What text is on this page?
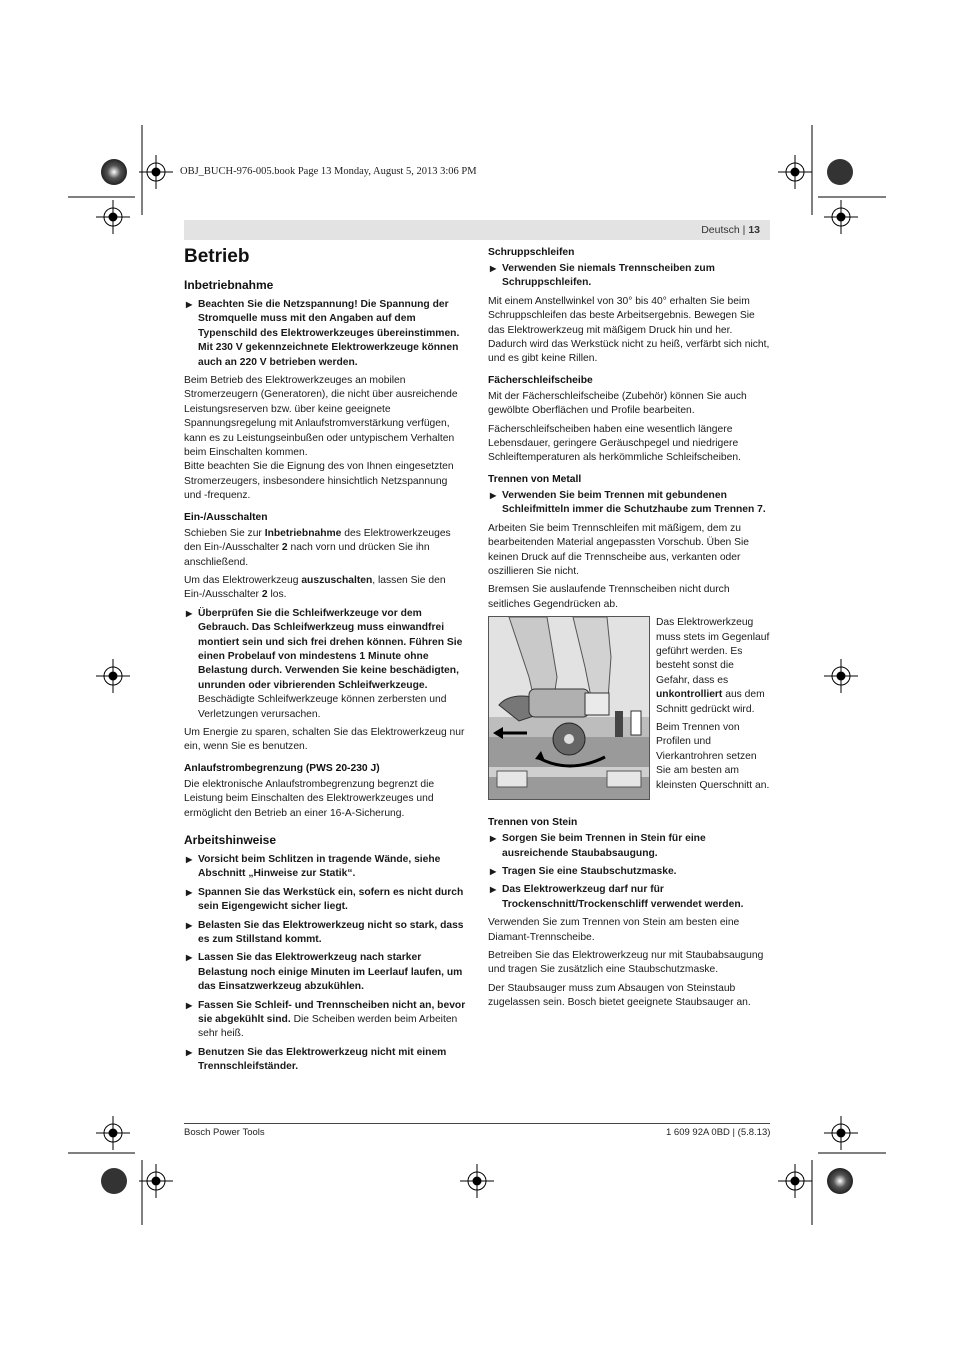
OBJ_BUCH-976-005.book Page 13 Monday, August 5, 2013 3:06 PM
Deutsch | 13
Betrieb
Inbetriebnahme
▶ Beachten Sie die Netzspannung! Die Spannung der Stromquelle muss mit den Angaben auf dem Typenschild des Elektrowerkzeuges übereinstimmen. Mit 230 V gekennzeichnete Elektrowerkzeuge können auch an 220 V betrieben werden.

Beim Betrieb des Elektrowerkzeuges an mobilen Stromerzeugern (Generatoren), die nicht über ausreichende Leistungsreserven bzw. über keine geeignete Spannungsregelung mit Anlaufstromverstärkung verfügen, kann es zu Leistungseinbußen oder untypischem Verhalten beim Einschalten kommen.

Bitte beachten Sie die Eignung des von Ihnen eingesetzten Stromerzeugers, insbesondere hinsichtlich Netzspannung und -frequenz.

Ein-/Ausschalten

Schieben Sie zur Inbetriebnahme des Elektrowerkzeuges den Ein-/Ausschalter 2 nach vorn und drücken Sie ihn anschließend.

Um das Elektrowerkzeug auszuschalten, lassen Sie den Ein-/Ausschalter 2 los.

▶ Überprüfen Sie die Schleifwerkzeuge vor dem Gebrauch. Das Schleifwerkzeug muss einwandfrei montiert sein und sich frei drehen können. Führen Sie einen Probelauf von mindestens 1 Minute ohne Belastung durch. Verwenden Sie keine beschädigten, unrunden oder vibrierenden Schleifwerkzeuge. Beschädigte Schleifwerkzeuge können zerbersten und Verletzungen verursachen.

Um Energie zu sparen, schalten Sie das Elektrowerkzeug nur ein, wenn Sie es benutzen.

Anlaufstrombegrenzung (PWS 20-230 J)

Die elektronische Anlaufstrombegrenzung begrenzt die Leistung beim Einschalten des Elektrowerkzeuges und ermöglicht den Betrieb an einer 16-A-Sicherung.

Arbeitshinweise
▶ Vorsicht beim Schlitzen in tragende Wände, siehe Abschnitt „Hinweise zur Statik“.
▶ Spannen Sie das Werkstück ein, sofern es nicht durch sein Eigengewicht sicher liegt.
▶ Belasten Sie das Elektrowerkzeug nicht so stark, dass es zum Stillstand kommt.
▶ Lassen Sie das Elektrowerkzeug nach starker Belastung noch einige Minuten im Leerlauf laufen, um das Einsatzwerkzeug abzukühlen.
▶ Fassen Sie Schleif- und Trennscheiben nicht an, bevor sie abgekühlt sind. Die Scheiben werden beim Arbeiten sehr heiß.
▶ Benutzen Sie das Elektrowerkzeug nicht mit einem Trennschleifständer.
Schruppschleifen
▶ Verwenden Sie niemals Trennscheiben zum Schruppschleifen.

Mit einem Anstellwinkel von 30° bis 40° erhalten Sie beim Schruppschleifen das beste Arbeitsergebnis. Bewegen Sie das Elektrowerkzeug mit mäßigem Druck hin und her. Dadurch wird das Werkstück nicht zu heiß, verfärbt sich nicht, und es gibt keine Rillen.

Fächerschleifscheibe

Mit der Fächerschleifscheibe (Zubehör) können Sie auch gewölbte Oberflächen und Profile bearbeiten.

Fächerschleifscheiben haben eine wesentlich längere Lebensdauer, geringere Geräuschpegel und niedrigere Schleiftemperaturen als herkömmliche Schleifscheiben.

Trennen von Metall
▶ Verwenden Sie beim Trennen mit gebundenen Schleifmitteln immer die Schutzhaube zum Trennen 7.

Arbeiten Sie beim Trennschleifen mit mäßigem, dem zu bearbeitenden Material angepassten Vorschub. Üben Sie keinen Druck auf die Trennscheibe aus, verkanten oder oszillieren Sie nicht.

Bremsen Sie auslaufende Trennscheiben nicht durch seitliches Gegendrücken ab.

Das Elektrowerkzeug muss stets im Gegenlauf geführt werden. Es besteht sonst die Gefahr, dass es unkontrolliert aus dem Schnitt gedrückt wird.

Beim Trennen von Profilen und Vierkantrohren setzen Sie am besten am kleinsten Querschnitt an.

Trennen von Stein
▶ Sorgen Sie beim Trennen in Stein für eine ausreichende Staubabsaugung.
▶ Tragen Sie eine Staubschutzmaske.
▶ Das Elektrowerkzeug darf nur für Trockenschnitt/Trockenschliff verwendet werden.

Verwenden Sie zum Trennen von Stein am besten eine Diamant-Trennscheibe.

Betreiben Sie das Elektrowerkzeug nur mit Staubabsaugung und tragen Sie zusätzlich eine Staubschutzmaske.

Der Staubsauger muss zum Absaugen von Steinstaub zugelassen sein. Bosch bietet geeignete Staubsauger an.

Bosch Power Tools	1 609 92A 0BD | (5.8.13)
